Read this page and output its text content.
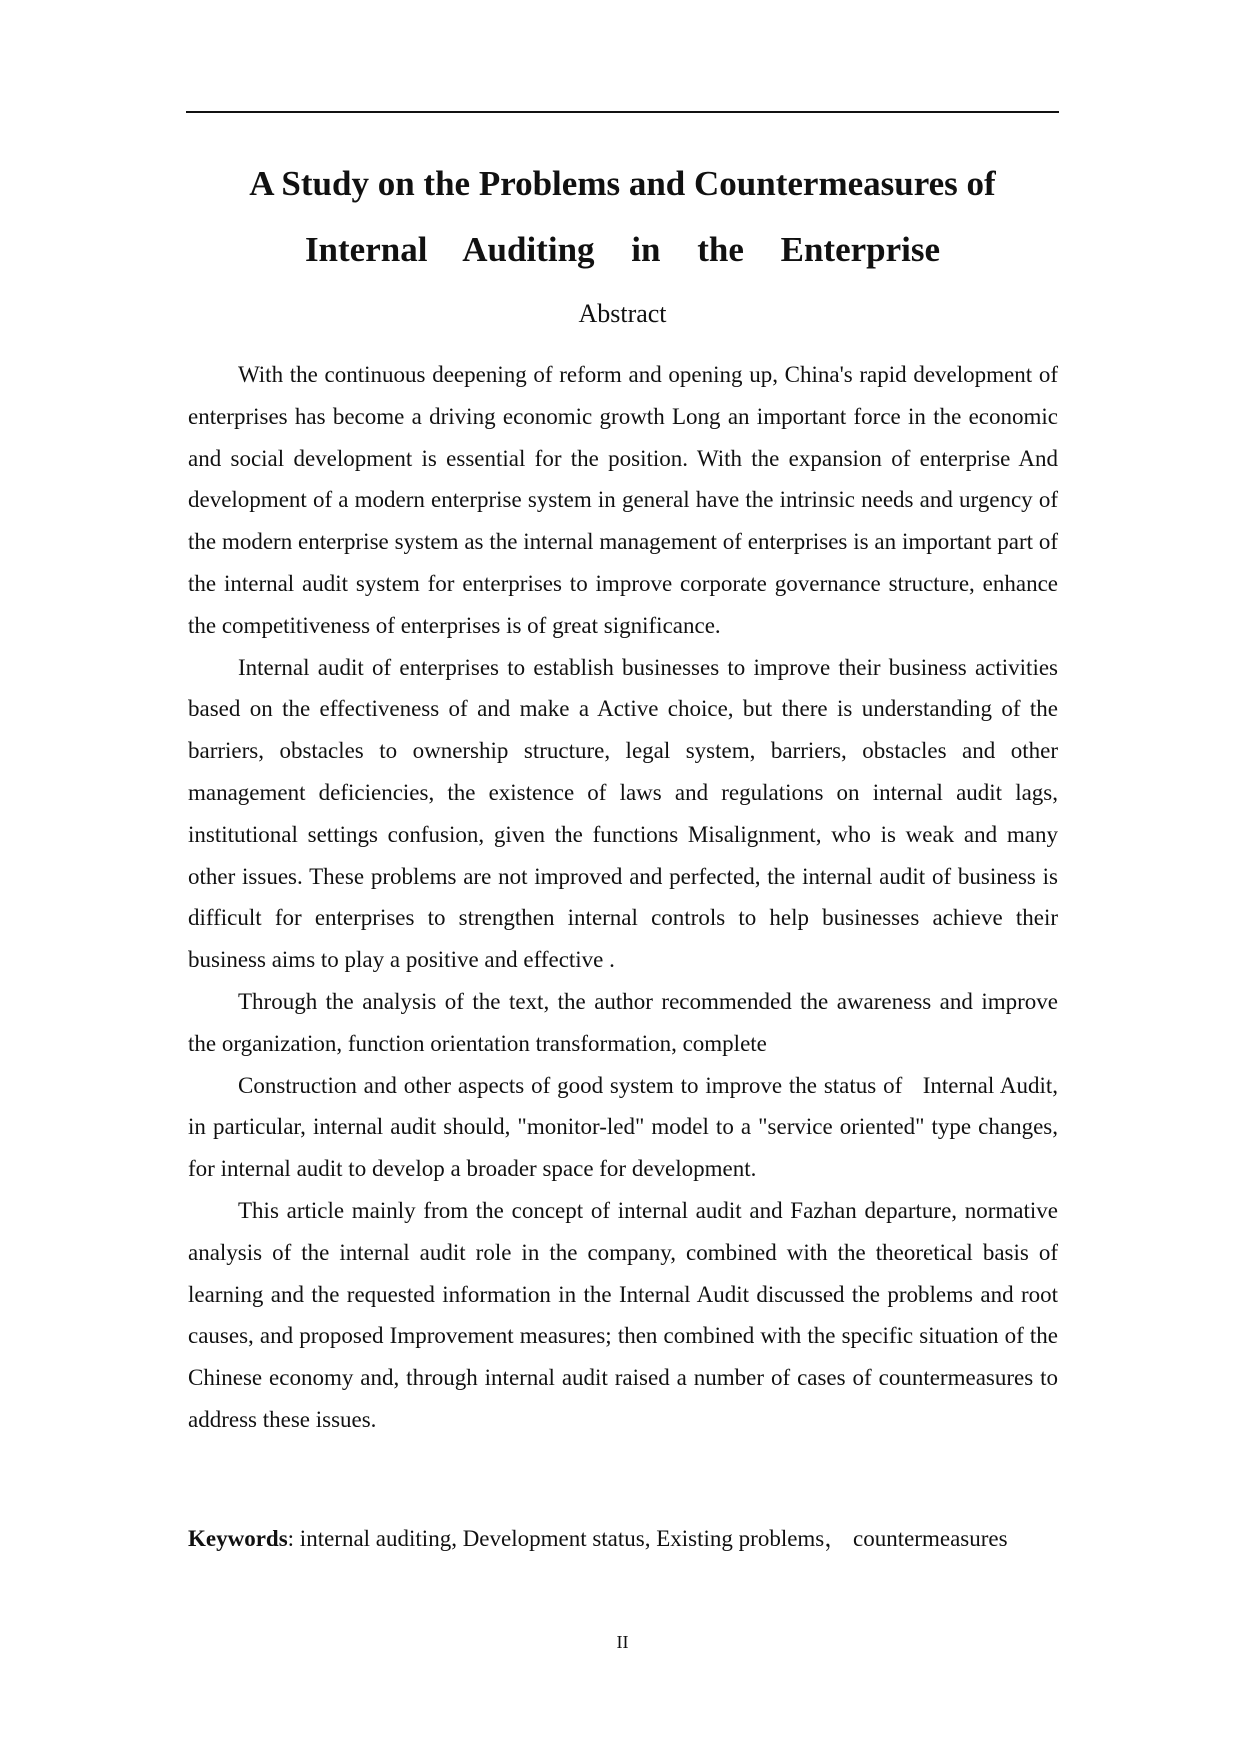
A Study on the Problems and Countermeasures of
Internal Auditing in the Enterprise
Abstract

With the continuous deepening of reform and opening up, China's rapid development of enterprises has become a driving economic growth Long an important force in the economic and social development is essential for the position. With the expansion of enterprise And development of a modern enterprise system in general have the intrinsic needs and urgency of the modern enterprise system as the internal management of enterprises is an important part of the internal audit system for enterprises to improve corporate governance structure, enhance the competitiveness of enterprises is of great significance.

Internal audit of enterprises to establish businesses to improve their business activities based on the effectiveness of and make a Active choice, but there is understanding of the barriers, obstacles to ownership structure, legal system, barriers, obstacles and other management deficiencies, the existence of laws and regulations on internal audit lags, institutional settings confusion, given the functions Misalignment, who is weak and many other issues. These problems are not improved and perfected, the internal audit of business is difficult for enterprises to strengthen internal controls to help businesses achieve their business aims to play a positive and effective .

Through the analysis of the text, the author recommended the awareness and improve the organization, function orientation transformation, complete

Construction and other aspects of good system to improve the status of   Internal Audit, in particular, internal audit should, "monitor-led" model to a "service oriented" type changes, for internal audit to develop a broader space for development.

This article mainly from the concept of internal audit and Fazhan departure, normative analysis of the internal audit role in the company, combined with the theoretical basis of learning and the requested information in the Internal Audit discussed the problems and root causes, and proposed Improvement measures; then combined with the specific situation of the Chinese economy and, through internal audit raised a number of cases of countermeasures to address these issues.

Keywords: internal auditing, Development status, Existing problems， countermeasures
II
